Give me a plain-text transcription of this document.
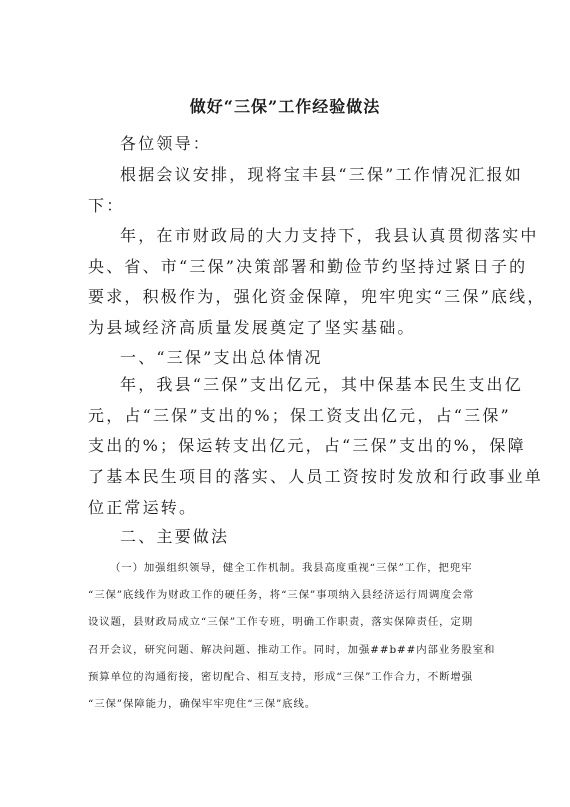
做好“三保”工作经验做法
各位领导：
根据会议安排，现将宝丰县“三保”工作情况汇报如
下：
年，在市财政局的大力支持下，我县认真贯彻落实中
央、省、市“三保”决策部署和勤俭节约坚持过紧日子的
要求，积极作为，强化资金保障，兜牢兜实“三保”底线，
为县域经济高质量发展奠定了坚实基础。
一、“三保”支出总体情况
年，我县“三保”支出亿元，其中保基本民生支出亿
元，占“三保”支出的%；保工资支出亿元，占“三保”
支出的%；保运转支出亿元，占“三保”支出的%，保障
了基本民生项目的落实、人员工资按时发放和行政事业单
位正常运转。
二、主要做法
（一）加强组织领导，健全工作机制。我县高度重视“三保”工作，把兜牢
“三保”底线作为财政工作的硬任务，将“三保”事项纳入县经济运行周调度会常
设议题，县财政局成立“三保”工作专班，明确工作职责，落实保障责任，定期
召开会议，研究问题、解决问题、推动工作。同时，加强##b##内部业务股室和
预算单位的沟通衔接，密切配合、相互支持，形成“三保”工作合力，不断增强
“三保”保障能力，确保牢牢兜住“三保”底线。
